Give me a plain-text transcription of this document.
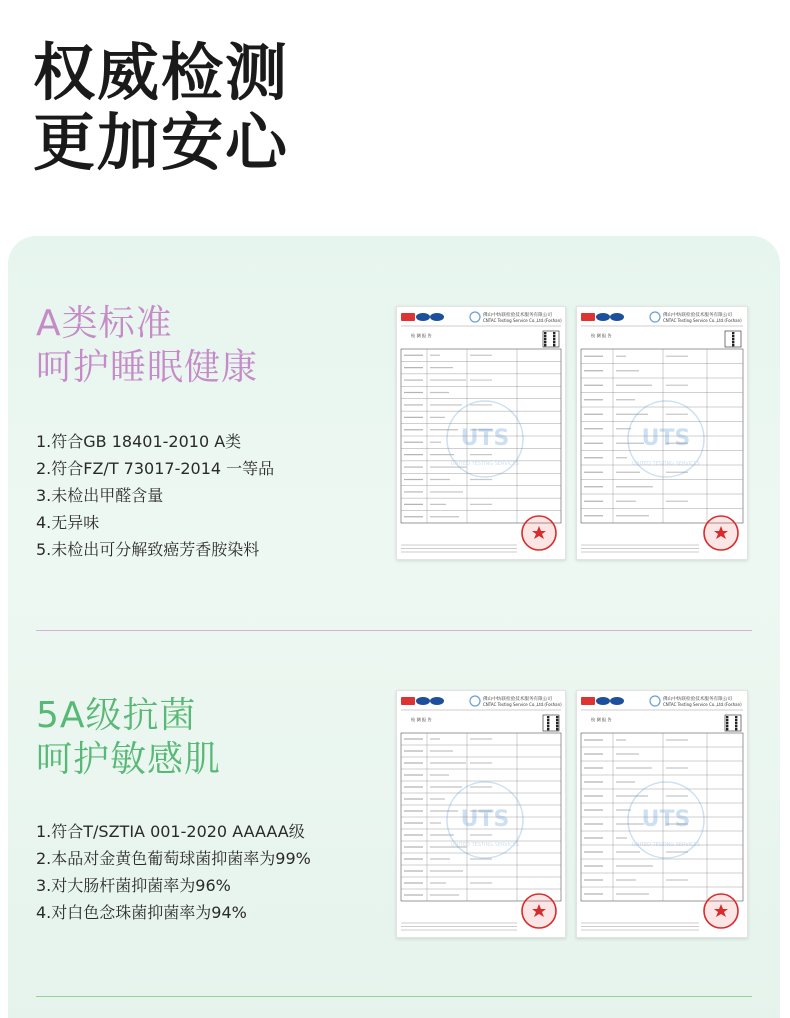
权威检测
更加安心
A类标准
呵护睡眠健康
1.符合GB 18401-2010 A类
2.符合FZ/T 73017-2014 一等品
3.未检出甲醛含量
4.无异味
5.未检出可分解致癌芳香胺染料
5A级抗菌
呵护敏感肌
1.符合T/SZTIA 001-2020 AAAAA级
2.本品对金黄色葡萄球菌抑菌率为99%
3.对大肠杆菌抑菌率为96%
4.对白色念珠菌抑菌率为94%
佛山中纺联检验技术服务有限公司
CNTAC Testing Service Co.,Ltd.(Foshan)
检 测 报 告
UTS
UNITED TESTING SERVICES
佛山中纺联检验技术服务有限公司
CNTAC Testing Service Co.,Ltd.(Foshan)
检 测 报 告
UTS
UNITED TESTING SERVICES
佛山中纺联检验技术服务有限公司
CNTAC Testing Service Co.,Ltd.(Foshan)
检 测 报 告
UTS
UNITED TESTING SERVICES
佛山中纺联检验技术服务有限公司
CNTAC Testing Service Co.,Ltd.(Foshan)
检 测 报 告
UTS
UNITED TESTING SERVICES
